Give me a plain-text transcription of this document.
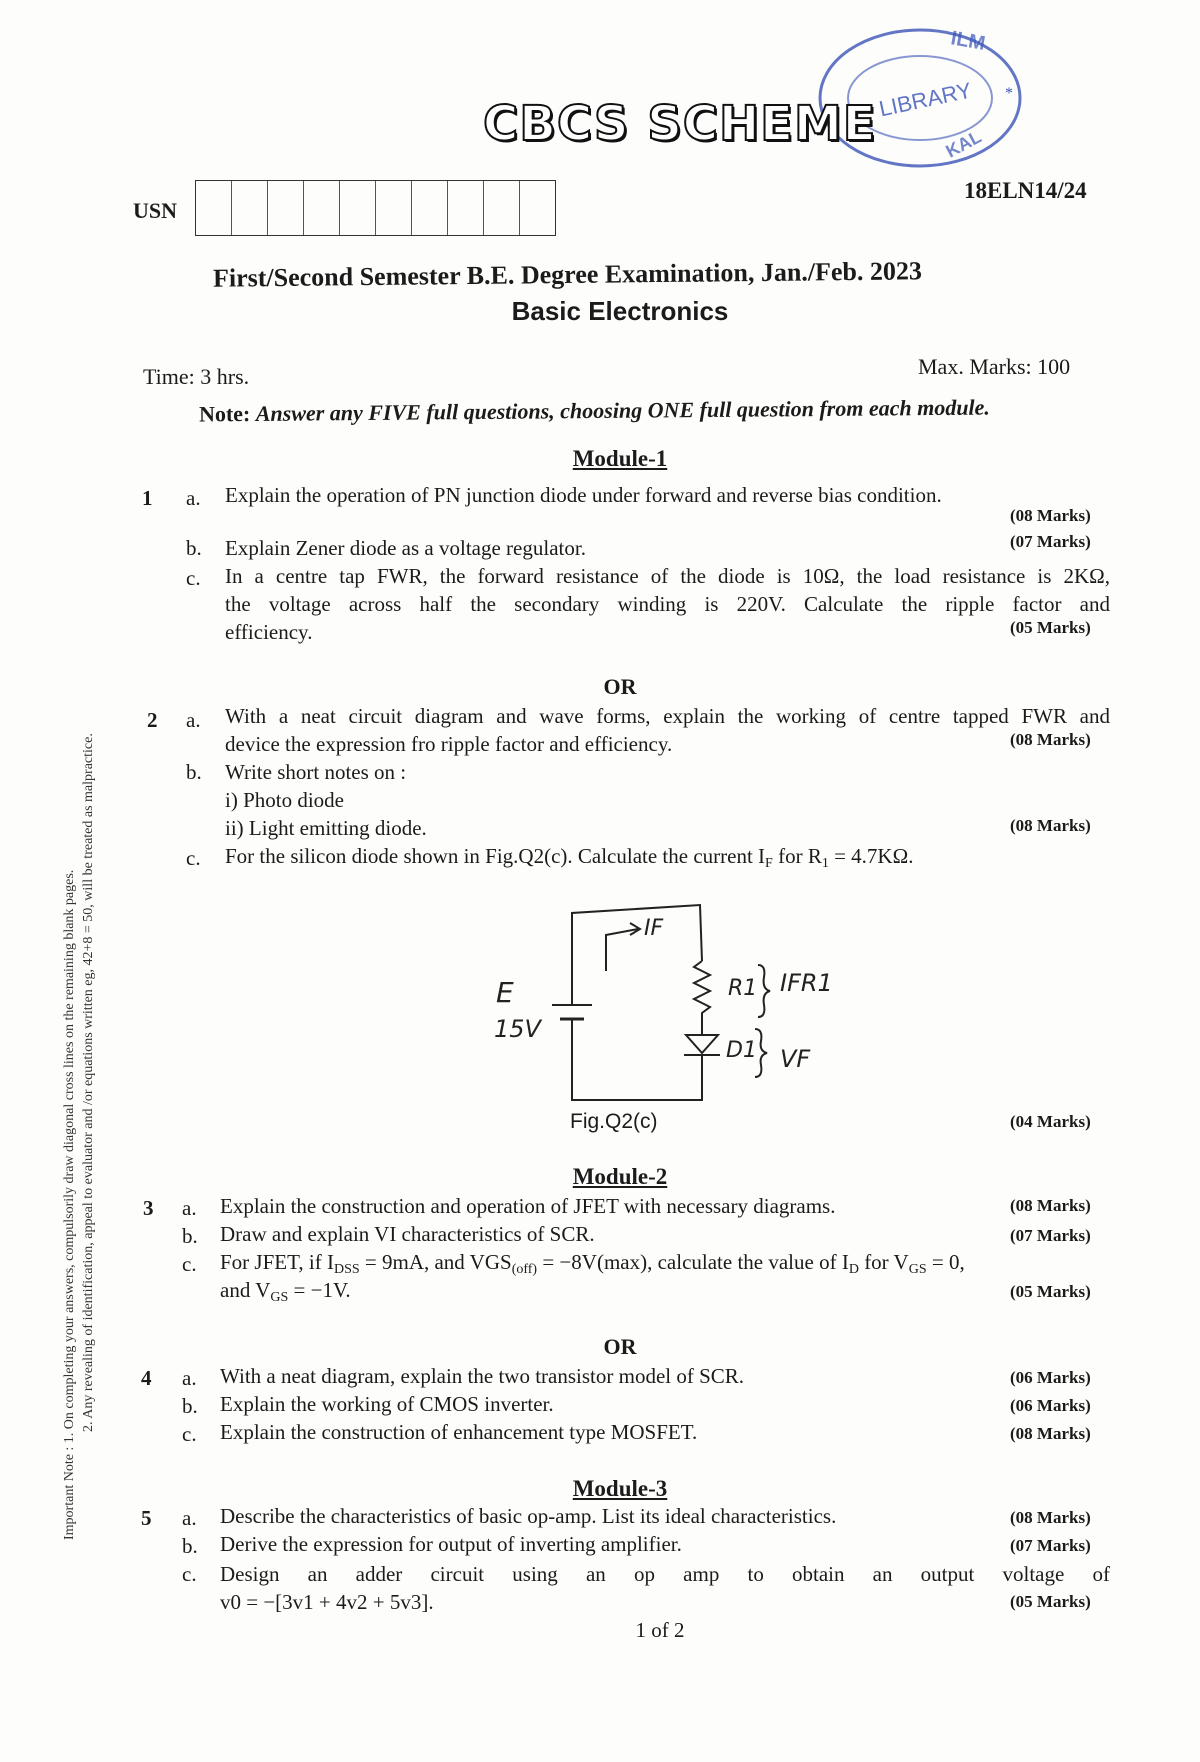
LIBRARY
ILM
KAL
*
CBCS SCHEME
USN
18ELN14/24
First/Second Semester B.E. Degree Examination, Jan./Feb. 2023
Basic Electronics
Time: 3 hrs.	Max. Marks: 100
Note: Answer any FIVE full questions, choosing ONE full question from each module.
Important Note : 1. On completing your answers, compulsorily draw diagonal cross lines on the remaining blank pages. 2. Any revealing of identification, appeal to evaluator and /or equations written eg, 42+8 = 50, will be treated as malpractice.
Module-1
1 a. Explain the operation of PN junction diode under forward and reverse bias condition.
(08 Marks)
b. Explain Zener diode as a voltage regulator.	(07 Marks)
c. In a centre tap FWR, the forward resistance of the diode is 10Ω, the load resistance is 2KΩ,
the voltage across half the secondary winding is 220V. Calculate the ripple factor and
efficiency.	(05 Marks)
OR
2 a. With a neat circuit diagram and wave forms, explain the working of centre tapped FWR and
device the expression fro ripple factor and efficiency.	(08 Marks)
b. Write short notes on :
i) Photo diode
ii) Light emitting diode.	(08 Marks)
c. For the silicon diode shown in Fig.Q2(c). Calculate the current $I_F$ for $R_1 = 4.7K\Omega$.
E
15V
IF
R1 IFR1
D1 VF
Fig.Q2(c)	(04 Marks)
Module-2
3 a. Explain the construction and operation of JFET with necessary diagrams.	(08 Marks)
b. Draw and explain VI characteristics of SCR.	(07 Marks)
c. For JFET, if $I_{DSS} = 9mA$, and $VGS_{(off)} = -8V(\max)$, calculate the value of $I_D$ for $V_{GS} = 0$,
and $V_{GS} = -1V$.	(05 Marks)
OR
4 a. With a neat diagram, explain the two transistor model of SCR.	(06 Marks)
b. Explain the working of CMOS inverter.	(06 Marks)
c. Explain the construction of enhancement type MOSFET.	(08 Marks)
Module-3
5 a. Describe the characteristics of basic op-amp. List its ideal characteristics.	(08 Marks)
b. Derive the expression for output of inverting amplifier.	(07 Marks)
c. Design an adder circuit using an op amp to obtain an output voltage of
v0 = −[3v1 + 4v2 + 5v3].	(05 Marks)
1 of 2
